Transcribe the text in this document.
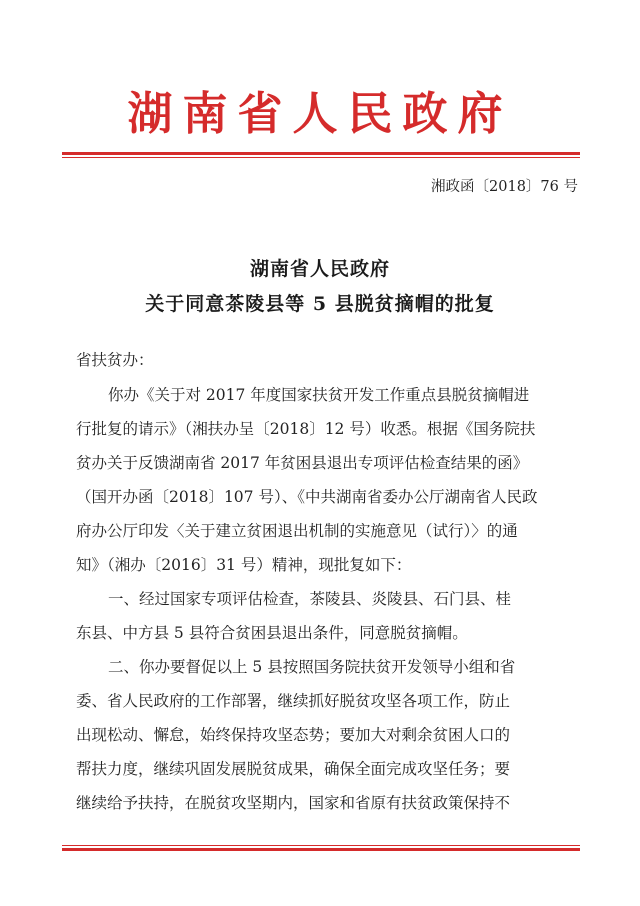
湖南省人民政府
湘政函〔2018〕76 号
湖南省人民政府
关于同意茶陵县等 5 县脱贫摘帽的批复
省扶贫办：
你办《关于对 2017 年度国家扶贫开发工作重点县脱贫摘帽进
行批复的请示》（湘扶办呈〔2018〕12 号）收悉。根据《国务院扶
贫办关于反馈湖南省 2017 年贫困县退出专项评估检查结果的函》
（国开办函〔2018〕107 号）、《中共湖南省委办公厅湖南省人民政
府办公厅印发〈关于建立贫困退出机制的实施意见（试行）〉的通
知》（湘办〔2016〕31 号）精神，现批复如下：
一、经过国家专项评估检查，茶陵县、炎陵县、石门县、桂
东县、中方县 5 县符合贫困县退出条件，同意脱贫摘帽。
二、你办要督促以上 5 县按照国务院扶贫开发领导小组和省
委、省人民政府的工作部署，继续抓好脱贫攻坚各项工作，防止
出现松动、懈怠，始终保持攻坚态势；要加大对剩余贫困人口的
帮扶力度，继续巩固发展脱贫成果，确保全面完成攻坚任务；要
继续给予扶持，在脱贫攻坚期内，国家和省原有扶贫政策保持不
